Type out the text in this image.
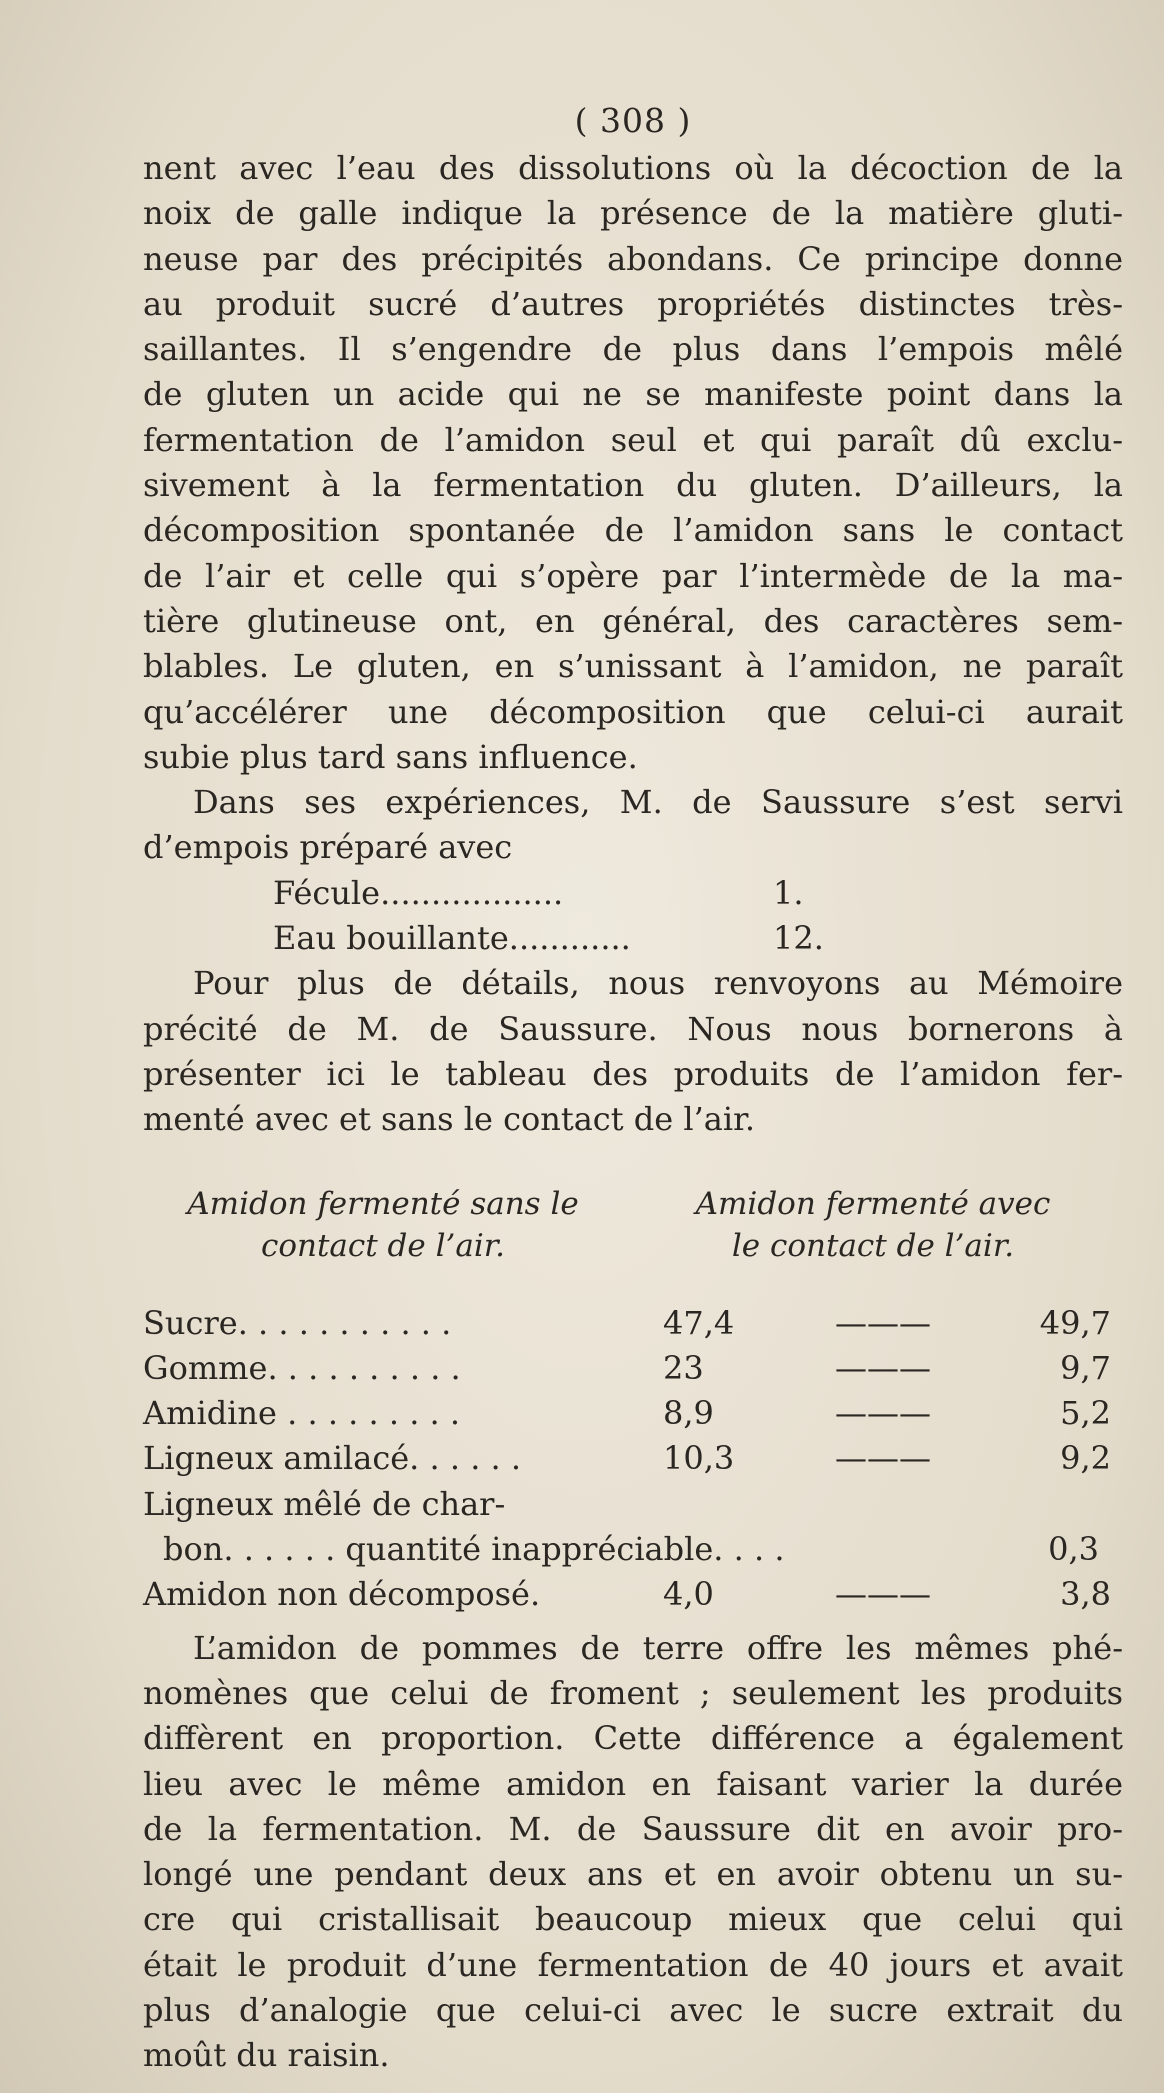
( 308 )
nent avec l’eau des dissolutions où la décoction de la
noix de galle indique la présence de la matière gluti-
neuse par des précipités abondans. Ce principe donne
au produit sucré d’autres propriétés distinctes très-
saillantes. Il s’engendre de plus dans l’empois mêlé
de gluten un acide qui ne se manifeste point dans la
fermentation de l’amidon seul et qui paraît dû exclu-
sivement à la fermentation du gluten. D’ailleurs, la
décomposition spontanée de l’amidon sans le contact
de l’air et celle qui s’opère par l’intermède de la ma-
tière glutineuse ont, en général, des caractères sem-
blables. Le gluten, en s’unissant à l’amidon, ne paraît
qu’accélérer une décomposition que celui-ci aurait
subie plus tard sans influence.
Dans ses expériences, M. de Saussure s’est servi
d’empois préparé avec
Fécule..................	1.
Eau bouillante............	12.
Pour plus de détails, nous renvoyons au Mémoire
précité de M. de Saussure. Nous nous bornerons à
présenter ici le tableau des produits de l’amidon fer-
menté avec et sans le contact de l’air.
Amidon fermenté sans le
contact de l’air.
Amidon fermenté avec
le contact de l’air.
Sucre. . . . . . . . . . .	47,4	———	49,7
Gomme. . . . . . . . . .	23	———	9,7
Amidine . . . . . . . . .	8,9	———	5,2
Ligneux amilacé. . . . . .	10,3	———	9,2
Ligneux mêlé de char-
bon. . . . . . quantité inappréciable. . . .	0,3
Amidon non décomposé.	4,0	———	3,8
L’amidon de pommes de terre offre les mêmes phé-
nomènes que celui de froment ; seulement les produits
diffèrent en proportion. Cette différence a également
lieu avec le même amidon en faisant varier la durée
de la fermentation. M. de Saussure dit en avoir pro-
longé une pendant deux ans et en avoir obtenu un su-
cre qui cristallisait beaucoup mieux que celui qui
était le produit d’une fermentation de 40 jours et avait
plus d’analogie que celui-ci avec le sucre extrait du
moût du raisin.
